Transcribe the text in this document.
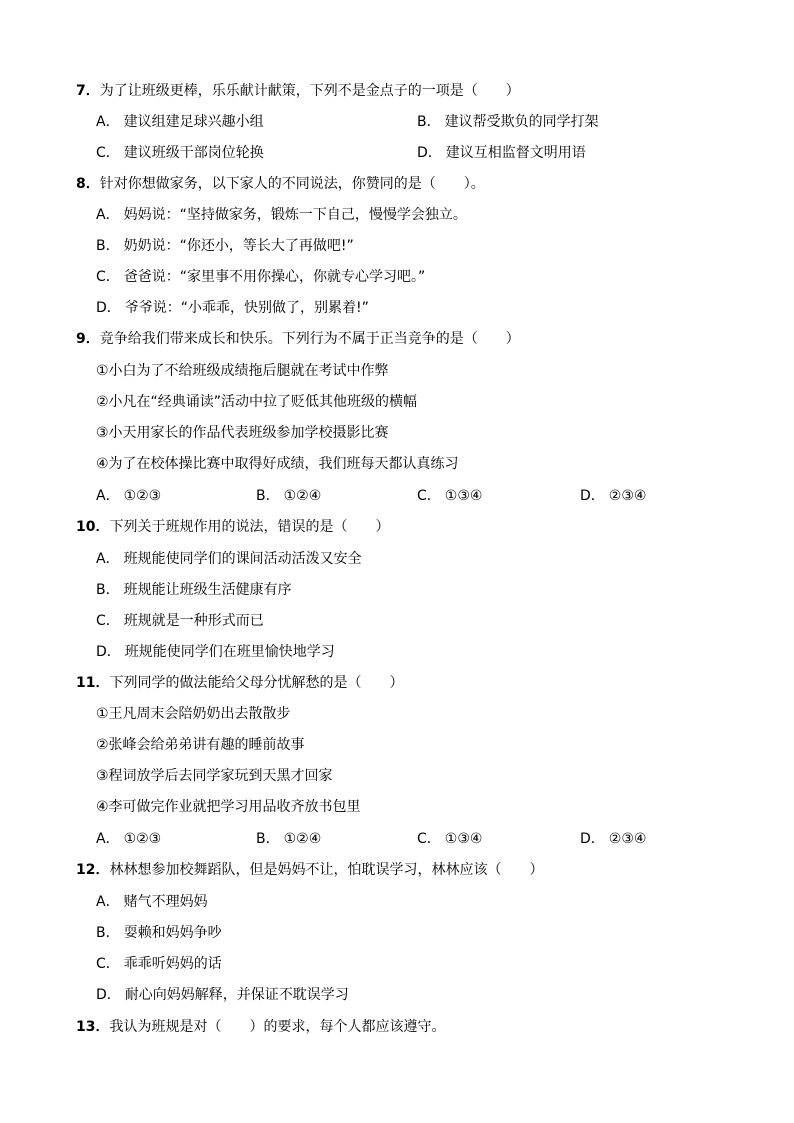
7．为了让班级更棒，乐乐献计献策，下列不是金点子的一项是（　　）
A． 建议组建足球兴趣小组	B． 建议帮受欺负的同学打架
C． 建议班级干部岗位轮换	D． 建议互相监督文明用语
8．针对你想做家务，以下家人的不同说法，你赞同的是（　　）。
A． 妈妈说：“坚持做家务，锻炼一下自己，慢慢学会独立。
B． 奶奶说：“你还小，等长大了再做吧!”
C． 爸爸说：“家里事不用你操心，你就专心学习吧。”
D． 爷爷说：“小乖乖，快别做了，别累着!”
9．竞争给我们带来成长和快乐。下列行为不属于正当竞争的是（　　）
①小白为了不给班级成绩拖后腿就在考试中作弊
②小凡在“经典诵读”活动中拉了贬低其他班级的横幅
③小天用家长的作品代表班级参加学校摄影比赛
④为了在校体操比赛中取得好成绩，我们班每天都认真练习
A． ①②③	B． ①②④	C． ①③④	D． ②③④
10．下列关于班规作用的说法，错误的是（　　）
A． 班规能使同学们的课间活动活泼又安全
B． 班规能让班级生活健康有序
C． 班规就是一种形式而已
D． 班规能使同学们在班里愉快地学习
11．下列同学的做法能给父母分忧解愁的是（　　）
①王凡周末会陪奶奶出去散散步
②张峰会给弟弟讲有趣的睡前故事
③程词放学后去同学家玩到天黑才回家
④李可做完作业就把学习用品收齐放书包里
A． ①②③	B． ①②④	C． ①③④	D． ②③④
12．林林想参加校舞蹈队，但是妈妈不让，怕耽误学习，林林应该（　　）
A． 赌气不理妈妈
B． 耍赖和妈妈争吵
C． 乖乖听妈妈的话
D． 耐心向妈妈解释，并保证不耽误学习
13．我认为班规是对（　　）的要求，每个人都应该遵守。
